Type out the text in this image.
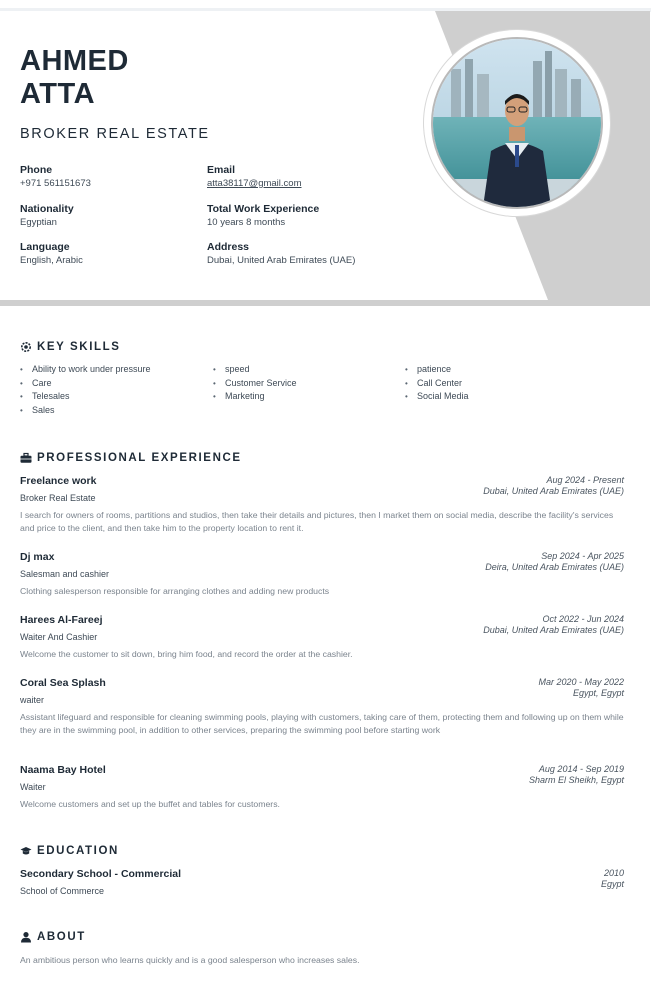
AHMED
ATTA
BROKER REAL ESTATE
Phone
+971 561151673
Email
atta38117@gmail.com
Nationality
Egyptian
Total Work Experience
10 years 8 months
Language
English, Arabic
Address
Dubai, United Arab Emirates (UAE)
KEY SKILLS
• Ability to work under pressure
• Care
• Telesales
• Sales
• speed
• Customer Service
• Marketing
• patience
• Call Center
• Social Media
PROFESSIONAL EXPERIENCE
Freelance work
Broker Real Estate
I search for owners of rooms, partitions and studios, then take their details and pictures, then I market them on social media, describe the facility's services and price to the client, and then take him to the property location to rent it.
Aug 2024 - Present
Dubai, United Arab Emirates (UAE)
Dj max
Salesman and cashier
Clothing salesperson responsible for arranging clothes and adding new products
Sep 2024 - Apr 2025
Deira, United Arab Emirates (UAE)
Harees Al-Fareej
Waiter And Cashier
Welcome the customer to sit down, bring him food, and record the order at the cashier.
Oct 2022 - Jun 2024
Dubai, United Arab Emirates (UAE)
Coral Sea Splash
waiter
Assistant lifeguard and responsible for cleaning swimming pools, playing with customers, taking care of them, protecting them and following up on them while they are in the swimming pool, in addition to other services, preparing the swimming pool before starting work
Mar 2020 - May 2022
Egypt, Egypt
Naama Bay Hotel
Waiter
Welcome customers and set up the buffet and tables for customers.
Aug 2014 - Sep 2019
Sharm El Sheikh, Egypt
EDUCATION
Secondary School - Commercial
School of Commerce
2010
Egypt
ABOUT
An ambitious person who learns quickly and is a good salesperson who increases sales.
